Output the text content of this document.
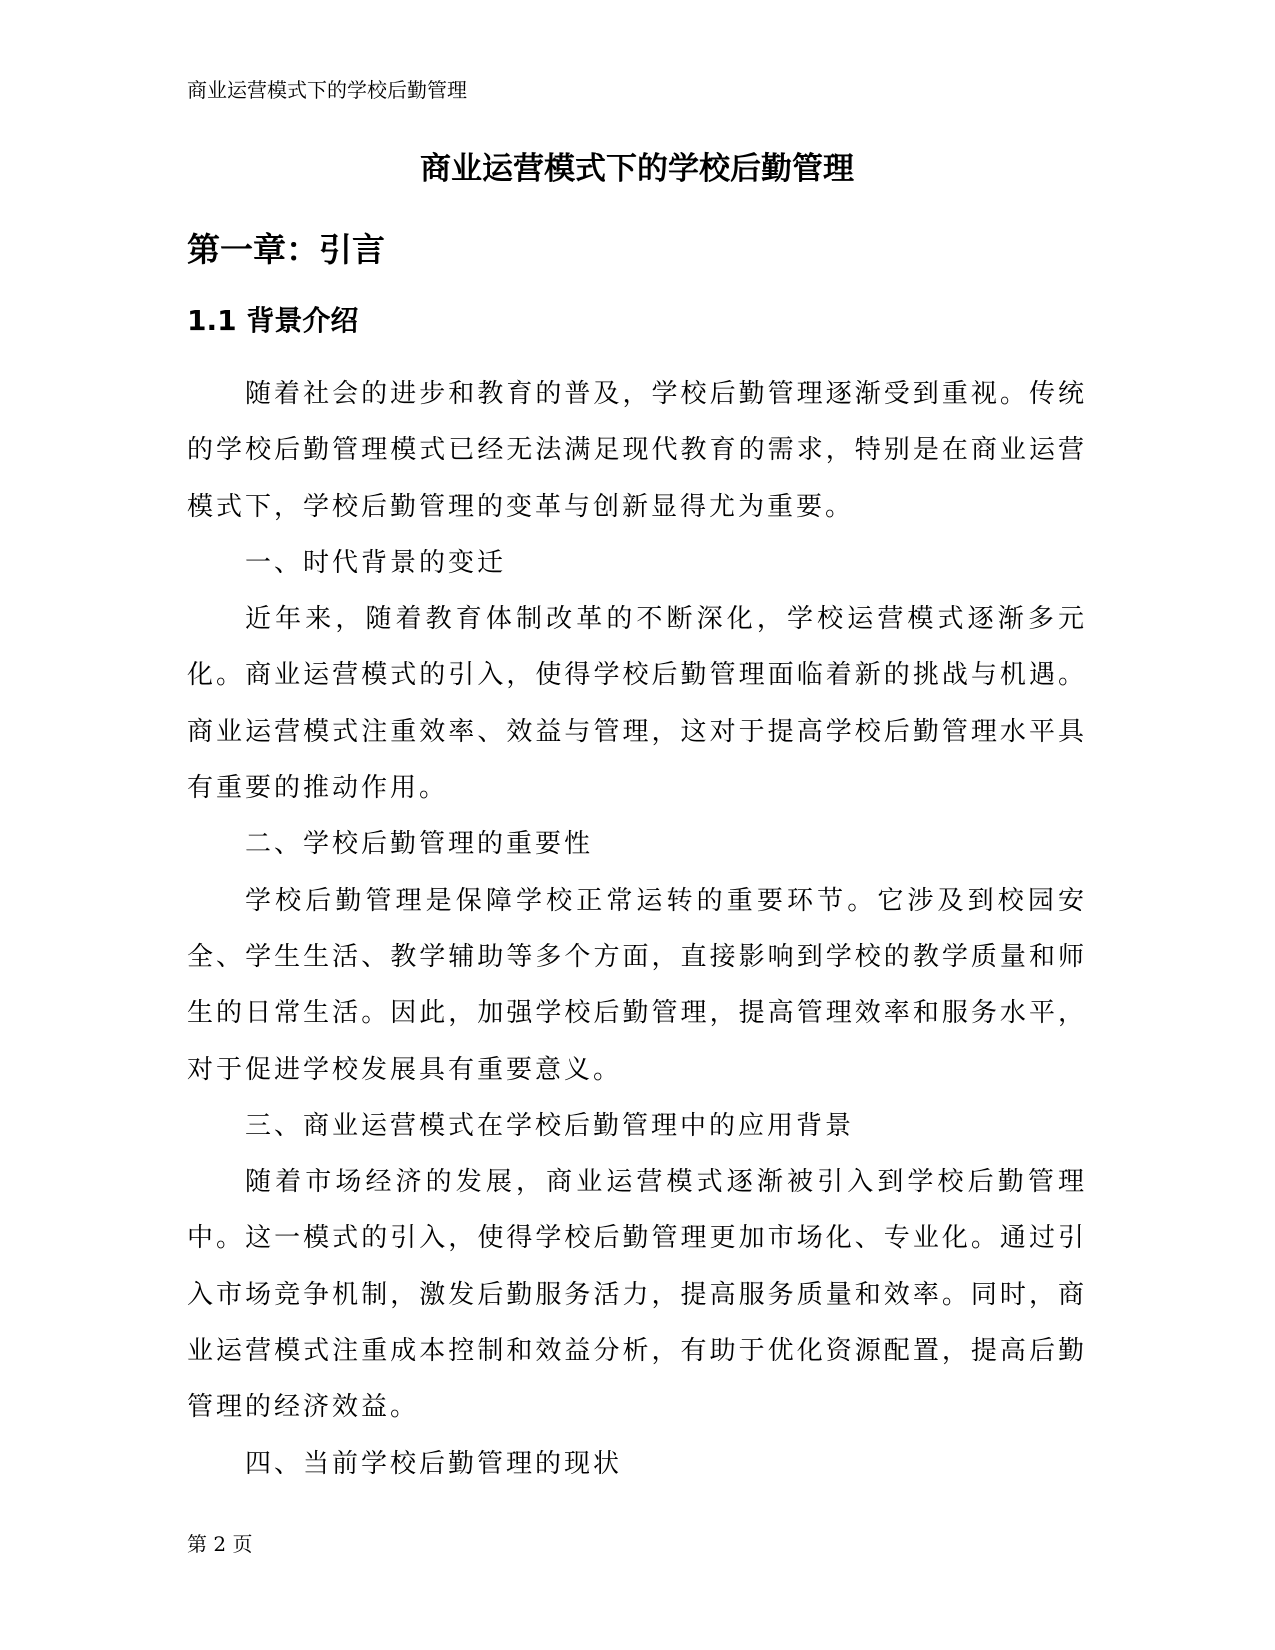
商业运营模式下的学校后勤管理
商业运营模式下的学校后勤管理
第一章：引言
1.1 背景介绍

随着社会的进步和教育的普及，学校后勤管理逐渐受到重视。传统的学校后勤管理模式已经无法满足现代教育的需求，特别是在商业运营模式下，学校后勤管理的变革与创新显得尤为重要。

一、时代背景的变迁

近年来，随着教育体制改革的不断深化，学校运营模式逐渐多元化。商业运营模式的引入，使得学校后勤管理面临着新的挑战与机遇。商业运营模式注重效率、效益与管理，这对于提高学校后勤管理水平具有重要的推动作用。

二、学校后勤管理的重要性

学校后勤管理是保障学校正常运转的重要环节。它涉及到校园安全、学生生活、教学辅助等多个方面，直接影响到学校的教学质量和师生的日常生活。因此，加强学校后勤管理，提高管理效率和服务水平，对于促进学校发展具有重要意义。

三、商业运营模式在学校后勤管理中的应用背景

随着市场经济的发展，商业运营模式逐渐被引入到学校后勤管理中。这一模式的引入，使得学校后勤管理更加市场化、专业化。通过引入市场竞争机制，激发后勤服务活力，提高服务质量和效率。同时，商业运营模式注重成本控制和效益分析，有助于优化资源配置，提高后勤管理的经济效益。

四、当前学校后勤管理的现状

第 2 页
